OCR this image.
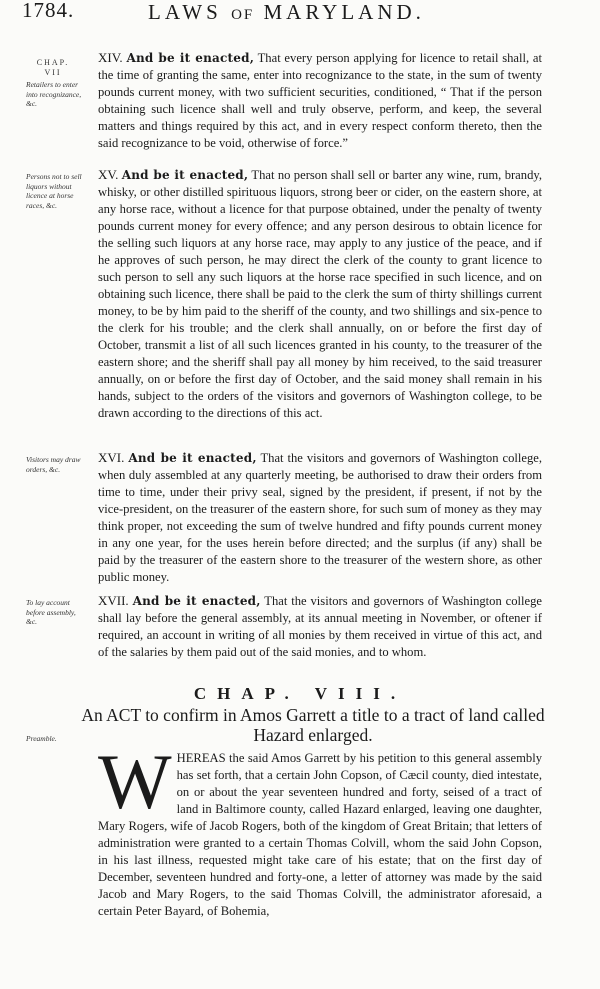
1784.	LAWS OF MARYLAND.
CHAP.
VII
Retailers to enter into recognizance, &c.
Persons not to sell liquors without licence at horse races, &c.
Visitors may draw orders, &c.
To lay account before assembly, &c.
Preamble.
XIV. And be it enacted, That every person applying for licence to retail shall, at the time of granting the same, enter into recognizance to the state, in the sum of twenty pounds current money, with two sufficient securities, conditioned, “ That if the person obtaining such licence shall well and truly observe, perform, and keep, the several matters and things required by this act, and in every respect conform thereto, then the said recognizance to be void, otherwise of force.”
XV. And be it enacted, That no person shall sell or barter any wine, rum, brandy, whisky, or other distilled spirituous liquors, strong beer or cider, on the eastern shore, at any horse race, without a licence for that purpose obtained, under the penalty of twenty pounds current money for every offence; and any person desirous to obtain licence for the selling such liquors at any horse race, may apply to any justice of the peace, and if he approves of such person, he may direct the clerk of the county to grant licence to such person to sell any such liquors at the horse race specified in such licence, and on obtaining such licence, there shall be paid to the clerk the sum of thirty shillings current money, to be by him paid to the sheriff of the county, and two shillings and six-pence to the clerk for his trouble; and the clerk shall annually, on or before the first day of October, transmit a list of all such licences granted in his county, to the treasurer of the eastern shore; and the sheriff shall pay all money by him received, to the said treasurer annually, on or before the first day of October, and the said money shall remain in his hands, subject to the orders of the visitors and governors of Washington college, to be drawn according to the directions of this act.
XVI. And be it enacted, That the visitors and governors of Washington college, when duly assembled at any quarterly meeting, be authorised to draw their orders from time to time, under their privy seal, signed by the president, if present, if not by the vice-president, on the treasurer of the eastern shore, for such sum of money as they may think proper, not exceeding the sum of twelve hundred and fifty pounds current money in any one year, for the uses herein before directed; and the surplus (if any) shall be paid by the treasurer of the eastern shore to the treasurer of the western shore, as other public money.
XVII. And be it enacted, That the visitors and governors of Washington college shall lay before the general assembly, at its annual meeting in November, or oftener if required, an account in writing of all monies by them received in virtue of this act, and of the salaries by them paid out of the said monies, and to whom.
CHAP. VIII.
An ACT to confirm in Amos Garrett a title to a tract of land called Hazard enlarged.
W HEREAS the said Amos Garrett by his petition to this general assembly has set forth, that a certain John Copson, of Cæcil county, died intestate, on or about the year seventeen hundred and forty, seised of a tract of land in Baltimore county, called Hazard enlarged, leaving one daughter, Mary Rogers, wife of Jacob Rogers, both of the kingdom of Great Britain; that letters of administration were granted to a certain Thomas Colvill, whom the said John Copson, in his last illness, requested might take care of his estate; that on the first day of December, seventeen hundred and forty-one, a letter of attorney was made by the said Jacob and Mary Rogers, to the said Thomas Colvill, the administrator aforesaid, a certain Peter Bayard, of Bohemia,
